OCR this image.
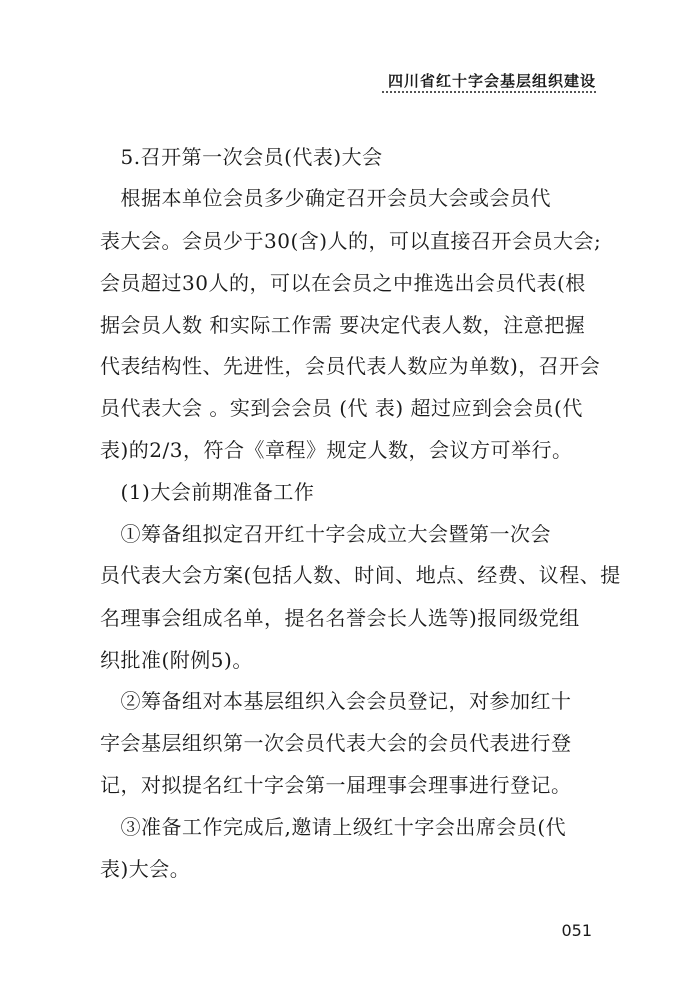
四川省红十字会基层组织建设
　5.召开第一次会员(代表)大会
　根据本单位会员多少确定召开会员大会或会员代
表大会。会员少于30(含)人的，可以直接召开会员大会;
会员超过30人的，可以在会员之中推选出会员代表(根
据会员人数 和实际工作需 要决定代表人数，注意把握
代表结构性、先进性，会员代表人数应为单数)，召开会
员代表大会 。实到会会员 (代 表) 超过应到会会员(代
表)的2/3，符合《章程》规定人数，会议方可举行。
　(1)大会前期准备工作
　①筹备组拟定召开红十字会成立大会暨第一次会
员代表大会方案(包括人数、时间、地点、经费、议程、提
名理事会组成名单，提名名誉会长人选等)报同级党组
织批准(附例5)。
　②筹备组对本基层组织入会会员登记，对参加红十
字会基层组织第一次会员代表大会的会员代表进行登
记，对拟提名红十字会第一届理事会理事进行登记。
　③准备工作完成后,邀请上级红十字会出席会员(代
表)大会。
051
